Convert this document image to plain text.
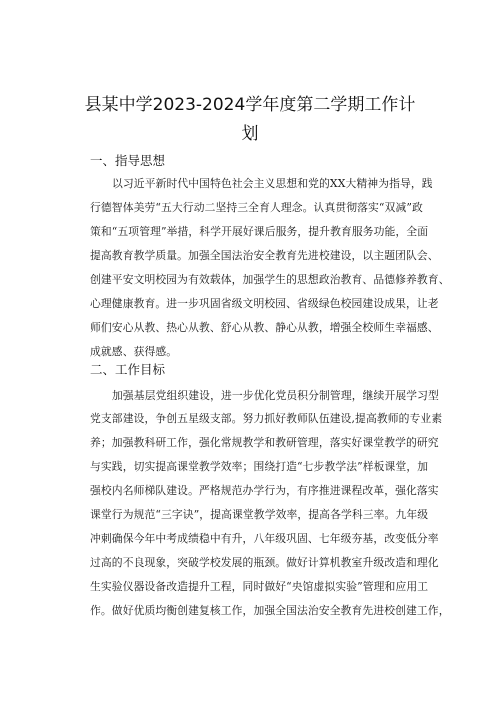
县某中学2023-2024学年度第二学期工作计
划
一、指导思想
以习近平新时代中国特色社会主义思想和党的XX大精神为指导，践
行德智体美劳“五大行动二坚持三全育人理念。认真贯彻落实“双减”政
策和“五项管理”举措，科学开展好课后服务，提升教育服务功能，全面
提高教育教学质量。加强全国法治安全教育先进校建设，以主题团队会、
创建平安文明校园为有效载体，加强学生的思想政治教育、品德修养教育、
心理健康教育。进一步巩固省级文明校园、省级绿色校园建设成果，让老
师们安心从教、热心从教、舒心从教、静心从教，增强全校师生幸福感、
成就感、获得感。
二、工作目标
加强基层党组织建设，进一步优化党员积分制管理，继续开展学习型
党支部建设，争创五星级支部。努力抓好教师队伍建设,提高教师的专业素
养；加强教科研工作，强化常规教学和教研管理，落实好课堂教学的研究
与实践，切实提高课堂教学效率；围绕打造“七步教学法”样板课堂，加
强校内名师梯队建设。严格规范办学行为，有序推进课程改革，强化落实
课堂行为规范“三字诀”，提高课堂教学效率，提高各学科三率。九年级
冲刺确保今年中考成绩稳中有升，八年级巩固、七年级夯基，改变低分率
过高的不良现象，突破学校发展的瓶颈。做好计算机教室升级改造和理化
生实验仪器设备改造提升工程，同时做好“央馆虚拟实验”管理和应用工
作。做好优质均衡创建复核工作，加强全国法治安全教育先进校创建工作，
